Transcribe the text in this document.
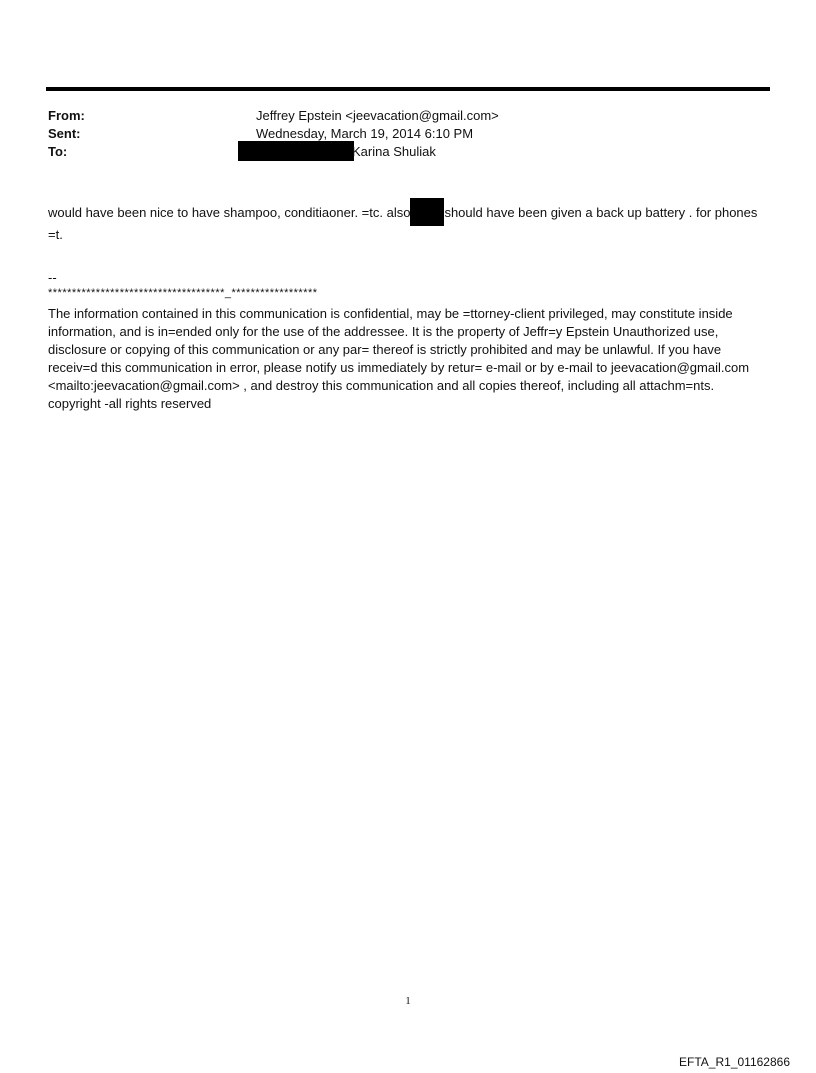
From:	Jeffrey Epstein <jeevacation@gmail.com>
Sent:	Wednesday, March 19, 2014 6:10 PM
To:	Karina Shuliak
would have been nice to have shampoo, conditiaoner. =tc. also	should have been given a back up battery . for phones =t.
--
*************************************_******************
The information contained in this communication is confidential, may be =ttorney-client privileged, may constitute inside information, and is in=ended only for the use of the addressee. It is the property of Jeffr=y Epstein Unauthorized use, disclosure or copying of this communication or any par= thereof is strictly prohibited and may be unlawful. If you have receiv=d this communication in error, please notify us immediately by retur= e-mail or by e-mail to jeevacation@gmail.com <mailto:jeevacation@gmail.com> , and destroy this communication and all copies thereof, including all attachm=nts. copyright -all rights reserved
1
EFTA_R1_01162866
